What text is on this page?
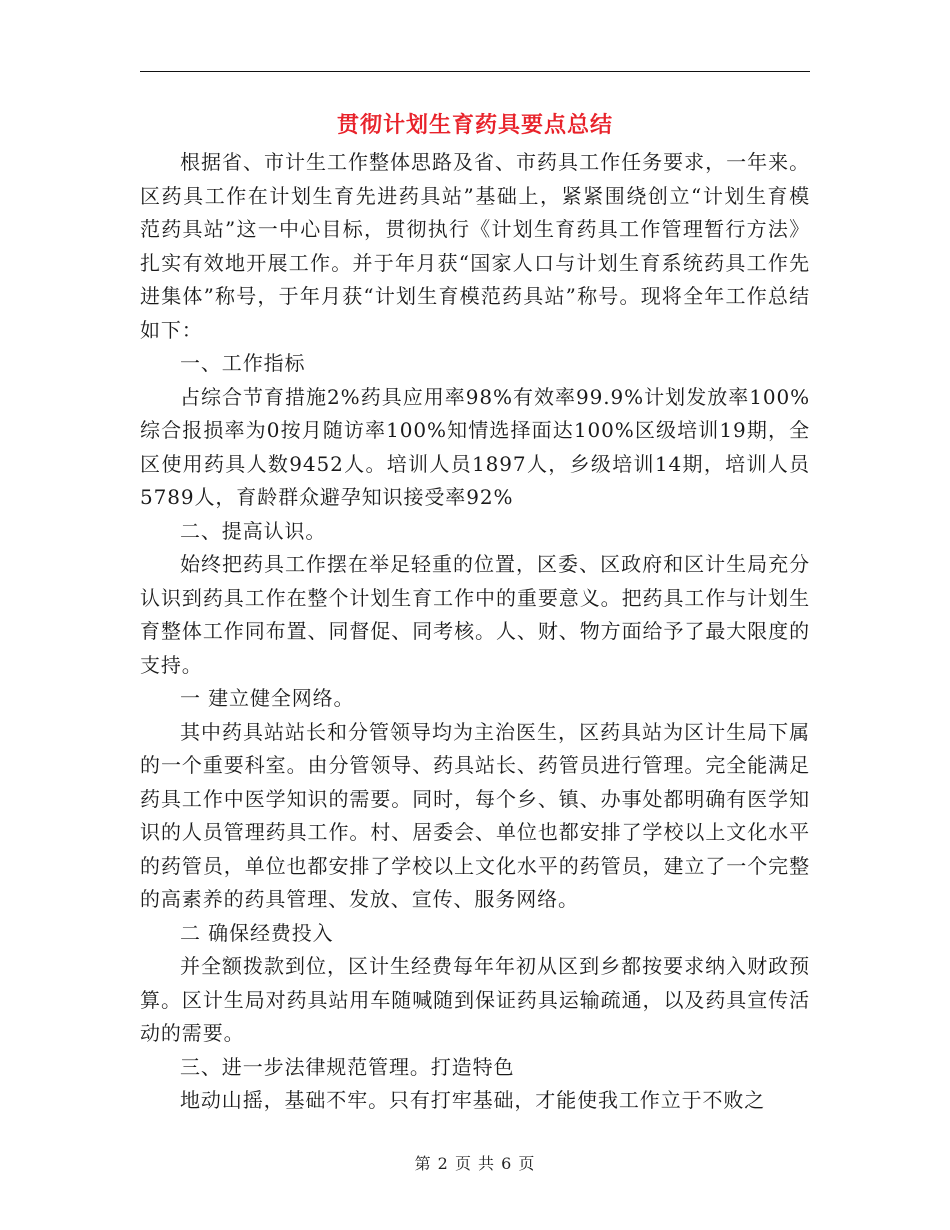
贯彻计划生育药具要点总结

根据省、市计生工作整体思路及省、市药具工作任务要求，一年来。区药具工作在计划生育先进药具站”基础上，紧紧围绕创立“计划生育模范药具站”这一中心目标，贯彻执行《计划生育药具工作管理暂行方法》扎实有效地开展工作。并于年月获“国家人口与计划生育系统药具工作先进集体”称号，于年月获“计划生育模范药具站”称号。现将全年工作总结如下：

一、工作指标

占综合节育措施2%药具应用率98%有效率99.9%计划发放率100%综合报损率为0按月随访率100%知情选择面达100%区级培训19期，全区使用药具人数9452人。培训人员1897人，乡级培训14期，培训人员5789人，育龄群众避孕知识接受率92%

二、提高认识。

始终把药具工作摆在举足轻重的位置，区委、区政府和区计生局充分认识到药具工作在整个计划生育工作中的重要意义。把药具工作与计划生育整体工作同布置、同督促、同考核。人、财、物方面给予了最大限度的支持。

一 建立健全网络。

其中药具站站长和分管领导均为主治医生，区药具站为区计生局下属的一个重要科室。由分管领导、药具站长、药管员进行管理。完全能满足药具工作中医学知识的需要。同时，每个乡、镇、办事处都明确有医学知识的人员管理药具工作。村、居委会、单位也都安排了学校以上文化水平的药管员，单位也都安排了学校以上文化水平的药管员，建立了一个完整的高素养的药具管理、发放、宣传、服务网络。

二 确保经费投入

并全额拨款到位，区计生经费每年年初从区到乡都按要求纳入财政预算。区计生局对药具站用车随喊随到保证药具运输疏通，以及药具宣传活动的需要。

三、进一步法律规范管理。打造特色

地动山摇，基础不牢。只有打牢基础，才能使我工作立于不败之

第 2 页 共 6 页
